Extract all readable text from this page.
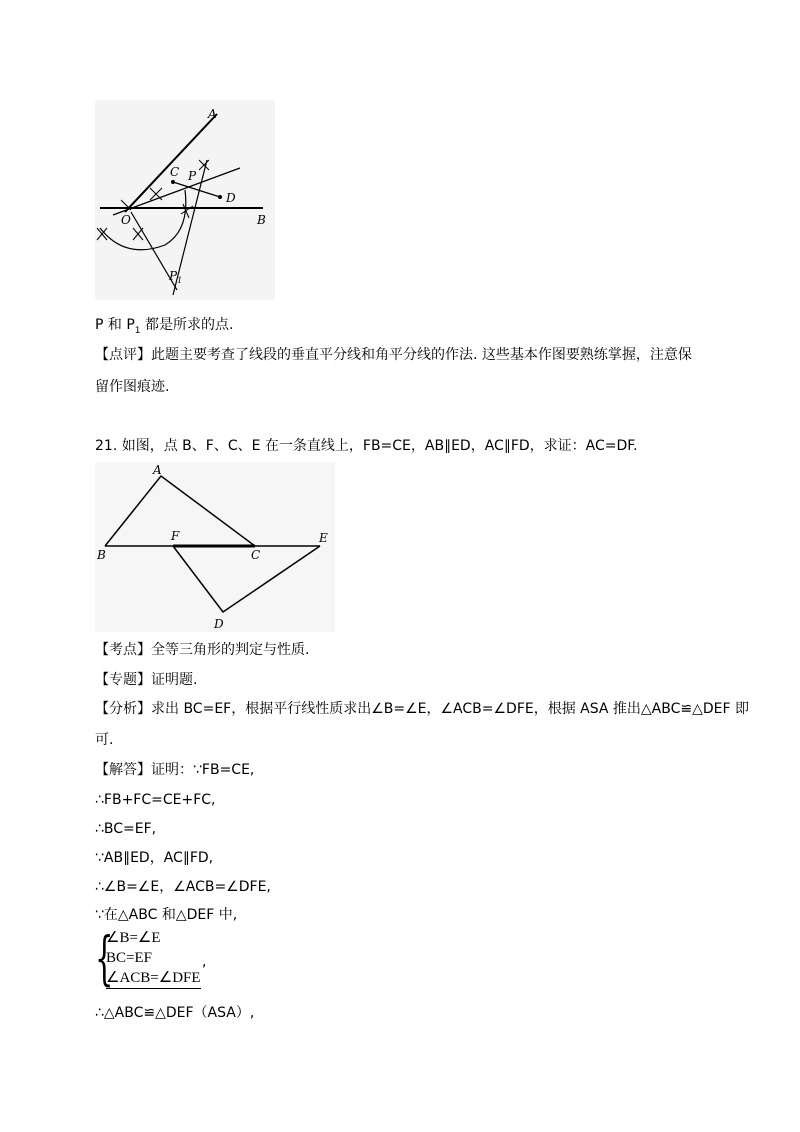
A
B
C
D
O
P
$P_1$
P 和 $P_1$ 都是所求的点.
【点评】此题主要考查了线段的垂直平分线和角平分线的作法. 这些基本作图要熟练掌握，注意保
留作图痕迹.
21. 如图，点 B、F、C、E 在一条直线上，FB=CE，AB∥ED，AC∥FD，求证：AC=DF.
A
B
F
C
E
D
【考点】全等三角形的判定与性质.
【专题】证明题.
【分析】求出 BC=EF，根据平行线性质求出∠B=∠E，∠ACB=∠DFE，根据 ASA 推出△ABC≌△DEF 即
可.
【解答】证明：∵FB=CE,
∴FB+FC=CE+FC,
∴BC=EF,
∵AB∥ED，AC∥FD,
∴∠B=∠E，∠ACB=∠DFE,
∵在△ABC 和△DEF 中,
{
∠B=∠E
BC=EF
∠ACB=∠DFE
,
∴△ABC≌△DEF（ASA）,
